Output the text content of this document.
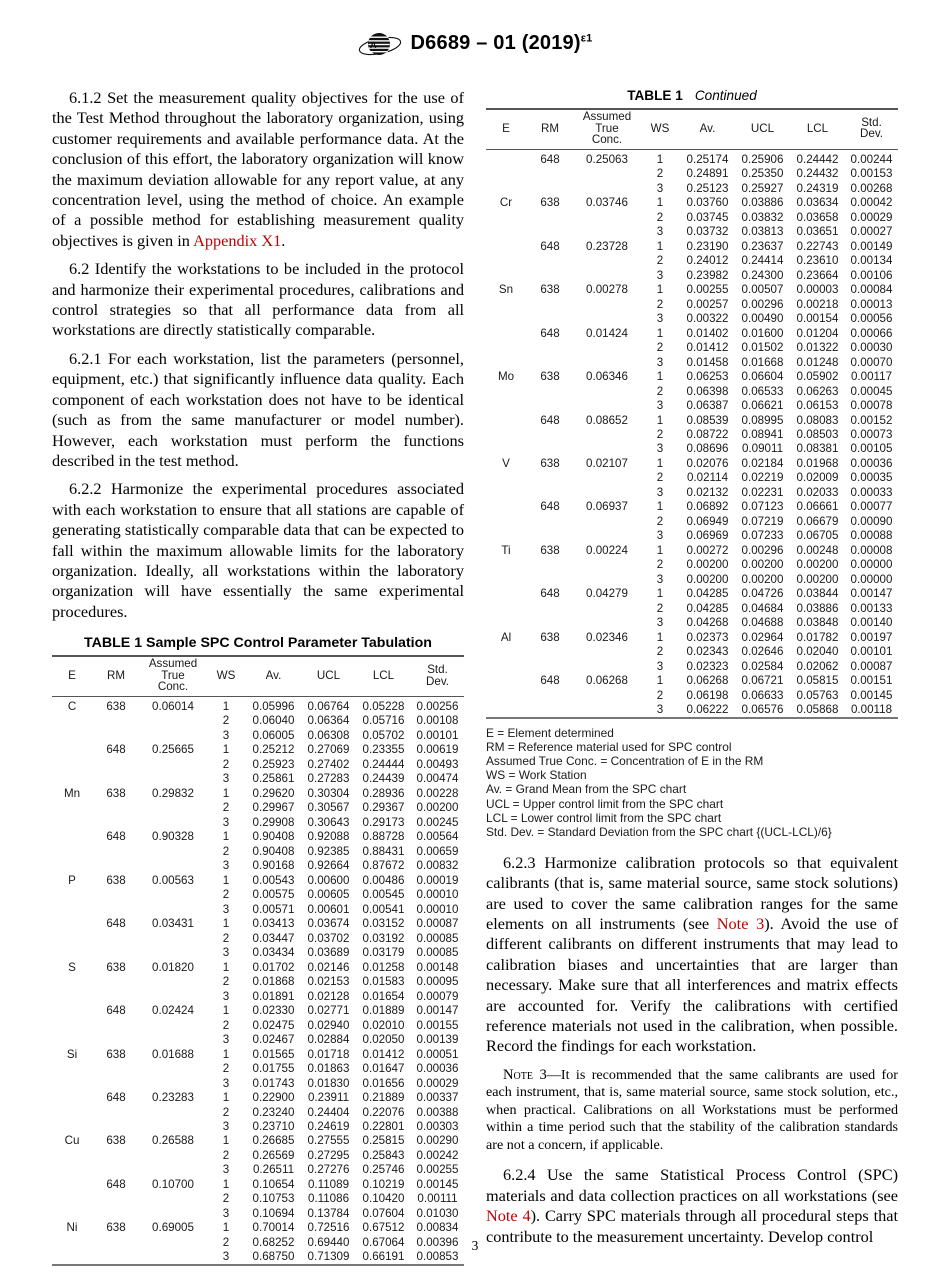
A D6689 – 01 $(2019)^{\varepsilon 1}$

6.1.2 Set the measurement quality objectives for the use of the Test Method throughout the laboratory organization, using customer requirements and available performance data. At the conclusion of this effort, the laboratory organization will know the maximum deviation allowable for any report value, at any concentration level, using the method of choice. An example of a possible method for establishing measurement quality objectives is given in Appendix X1.

6.2 Identify the workstations to be included in the protocol and harmonize their experimental procedures, calibrations and control strategies so that all performance data from all workstations are directly statistically comparable.

6.2.1 For each workstation, list the parameters (personnel, equipment, etc.) that significantly influence data quality. Each component of each workstation does not have to be identical (such as from the same manufacturer or model number). However, each workstation must perform the functions described in the test method.

6.2.2 Harmonize the experimental procedures associated with each workstation to ensure that all stations are capable of generating statistically comparable data that can be expected to fall within the maximum allowable limits for the laboratory organization. Ideally, all workstations within the laboratory organization will have essentially the same experimental procedures.

TABLE 1 Sample SPC Control Parameter Tabulation
E	RM	
Assumed
True
Conc.
	WS	Av.	UCL	LCL	Std.
Dev.

C	638	0.06014	1	0.05996	0.06764	0.05228	0.00256
			2	0.06040	0.06364	0.05716	0.00108
			3	0.06005	0.06308	0.05702	0.00101
	648	0.25665	1	0.25212	0.27069	0.23355	0.00619
			2	0.25923	0.27402	0.24444	0.00493
			3	0.25861	0.27283	0.24439	0.00474
Mn	638	0.29832	1	0.29620	0.30304	0.28936	0.00228
			2	0.29967	0.30567	0.29367	0.00200
			3	0.29908	0.30643	0.29173	0.00245
	648	0.90328	1	0.90408	0.92088	0.88728	0.00564
			2	0.90408	0.92385	0.88431	0.00659
			3	0.90168	0.92664	0.87672	0.00832
P	638	0.00563	1	0.00543	0.00600	0.00486	0.00019
			2	0.00575	0.00605	0.00545	0.00010
			3	0.00571	0.00601	0.00541	0.00010
	648	0.03431	1	0.03413	0.03674	0.03152	0.00087
			2	0.03447	0.03702	0.03192	0.00085
			3	0.03434	0.03689	0.03179	0.00085
S	638	0.01820	1	0.01702	0.02146	0.01258	0.00148
			2	0.01868	0.02153	0.01583	0.00095
			3	0.01891	0.02128	0.01654	0.00079
	648	0.02424	1	0.02330	0.02771	0.01889	0.00147
			2	0.02475	0.02940	0.02010	0.00155
			3	0.02467	0.02884	0.02050	0.00139
Si	638	0.01688	1	0.01565	0.01718	0.01412	0.00051
			2	0.01755	0.01863	0.01647	0.00036
			3	0.01743	0.01830	0.01656	0.00029
	648	0.23283	1	0.22900	0.23911	0.21889	0.00337
			2	0.23240	0.24404	0.22076	0.00388
			3	0.23710	0.24619	0.22801	0.00303
Cu	638	0.26588	1	0.26685	0.27555	0.25815	0.00290
			2	0.26569	0.27295	0.25843	0.00242
			3	0.26511	0.27276	0.25746	0.00255
	648	0.10700	1	0.10654	0.11089	0.10219	0.00145
			2	0.10753	0.11086	0.10420	0.00111
			3	0.10694	0.13784	0.07604	0.01030
Ni	638	0.69005	1	0.70014	0.72516	0.67512	0.00834
			2	0.68252	0.69440	0.67064	0.00396
			3	0.68750	0.71309	0.66191	0.00853
TABLE 1 Continued
E	RM	
Assumed
True
Conc.
	WS	Av.	UCL	LCL	Std.
Dev.

	648	0.25063	1	0.25174	0.25906	0.24442	0.00244
			2	0.24891	0.25350	0.24432	0.00153
			3	0.25123	0.25927	0.24319	0.00268
Cr	638	0.03746	1	0.03760	0.03886	0.03634	0.00042
			2	0.03745	0.03832	0.03658	0.00029
			3	0.03732	0.03813	0.03651	0.00027
	648	0.23728	1	0.23190	0.23637	0.22743	0.00149
			2	0.24012	0.24414	0.23610	0.00134
			3	0.23982	0.24300	0.23664	0.00106
Sn	638	0.00278	1	0.00255	0.00507	0.00003	0.00084
			2	0.00257	0.00296	0.00218	0.00013
			3	0.00322	0.00490	0.00154	0.00056
	648	0.01424	1	0.01402	0.01600	0.01204	0.00066
			2	0.01412	0.01502	0.01322	0.00030
			3	0.01458	0.01668	0.01248	0.00070
Mo	638	0.06346	1	0.06253	0.06604	0.05902	0.00117
			2	0.06398	0.06533	0.06263	0.00045
			3	0.06387	0.06621	0.06153	0.00078
	648	0.08652	1	0.08539	0.08995	0.08083	0.00152
			2	0.08722	0.08941	0.08503	0.00073
			3	0.08696	0.09011	0.08381	0.00105
V	638	0.02107	1	0.02076	0.02184	0.01968	0.00036
			2	0.02114	0.02219	0.02009	0.00035
			3	0.02132	0.02231	0.02033	0.00033
	648	0.06937	1	0.06892	0.07123	0.06661	0.00077
			2	0.06949	0.07219	0.06679	0.00090
			3	0.06969	0.07233	0.06705	0.00088
Ti	638	0.00224	1	0.00272	0.00296	0.00248	0.00008
			2	0.00200	0.00200	0.00200	0.00000
			3	0.00200	0.00200	0.00200	0.00000
	648	0.04279	1	0.04285	0.04726	0.03844	0.00147
			2	0.04285	0.04684	0.03886	0.00133
			3	0.04268	0.04688	0.03848	0.00140
Al	638	0.02346	1	0.02373	0.02964	0.01782	0.00197
			2	0.02343	0.02646	0.02040	0.00101
			3	0.02323	0.02584	0.02062	0.00087
	648	0.06268	1	0.06268	0.06721	0.05815	0.00151
			2	0.06198	0.06633	0.05763	0.00145
			3	0.06222	0.06576	0.05868	0.00118
E = Element determined
RM = Reference material used for SPC control
Assumed True Conc. = Concentration of E in the RM
WS = Work Station
Av. = Grand Mean from the SPC chart
UCL = Upper control limit from the SPC chart
LCL = Lower control limit from the SPC chart
Std. Dev. = Standard Deviation from the SPC chart {(UCL-LCL)/6}

6.2.3 Harmonize calibration protocols so that equivalent calibrants (that is, same material source, same stock solutions) are used to cover the same calibration ranges for the same elements on all instruments (see Note 3). Avoid the use of different calibrants on different instruments that may lead to calibration biases and uncertainties that are larger than necessary. Make sure that all interferences and matrix effects are accounted for. Verify the calibrations with certified reference materials not used in the calibration, when possible. Record the findings for each workstation.

Note 3—It is recommended that the same calibrants are used for each instrument, that is, same material source, same stock solution, etc., when practical. Calibrations on all Workstations must be performed within a time period such that the stability of the calibration standards are not a concern, if applicable.

6.2.4 Use the same Statistical Process Control (SPC) materials and data collection practices on all workstations (see Note 4). Carry SPC materials through all procedural steps that contribute to the measurement uncertainty. Develop control

3
